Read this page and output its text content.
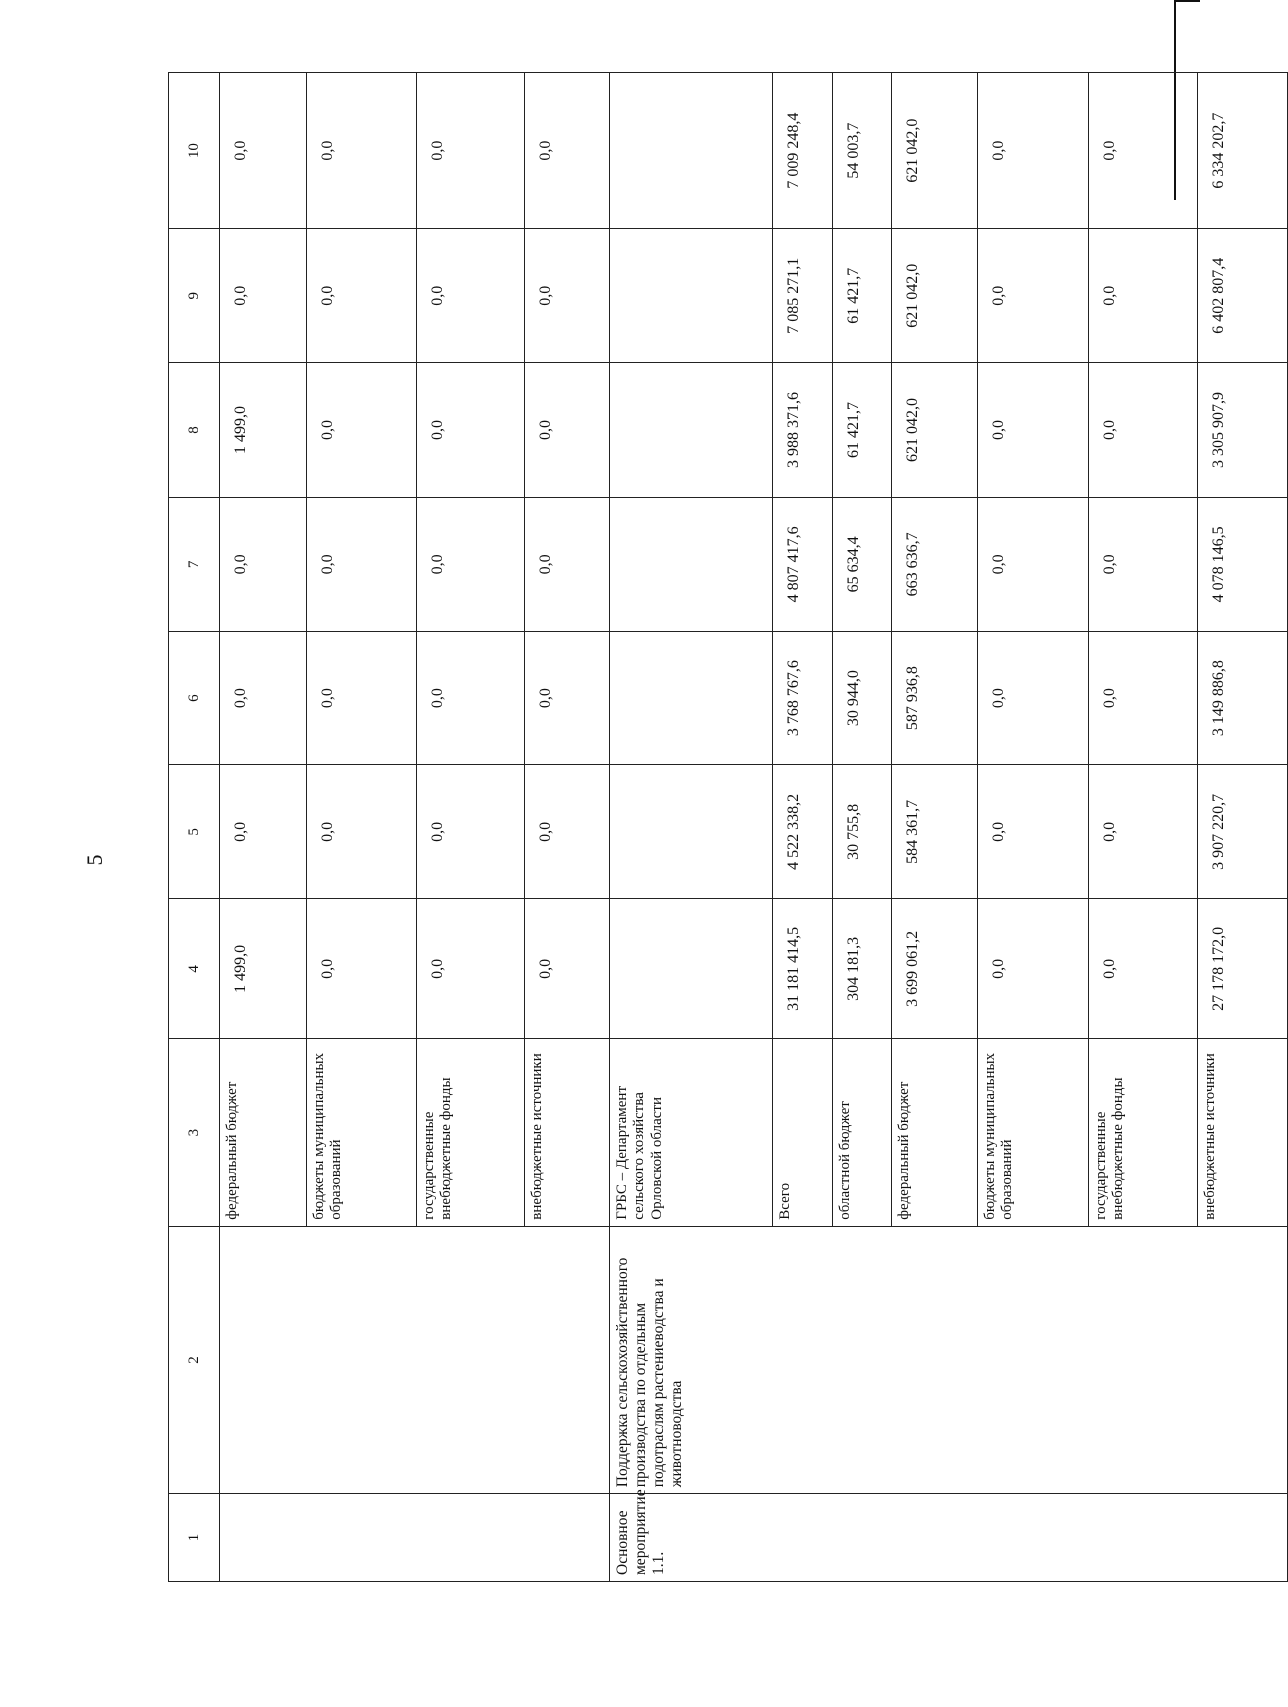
5
1	2	3	4	5	6	7	8	9	10
		федеральный бюджет	1 499,0	0,0	0,0	0,0	1 499,0	0,0	0,0
		бюджеты муниципальных образований	0,0	0,0	0,0	0,0	0,0	0,0	0,0
		государственные внебюджетные фонды	0,0	0,0	0,0	0,0	0,0	0,0	0,0
		внебюджетные источники	0,0	0,0	0,0	0,0	0,0	0,0	0,0
Основное мероприятие 1.1.	Поддержка сельскохозяйственного производства по отдельным подотраслям растениеводства и животноводства	ГРБС – Департамент сельского хозяйства Орловской области							
		Всего	31 181 414,5	4 522 338,2	3 768 767,6	4 807 417,6	3 988 371,6	7 085 271,1	7 009 248,4
		областной бюджет	304 181,3	30 755,8	30 944,0	65 634,4	61 421,7	61 421,7	54 003,7
		федеральный бюджет	3 699 061,2	584 361,7	587 936,8	663 636,7	621 042,0	621 042,0	621 042,0
		бюджеты муниципальных образований	0,0	0,0	0,0	0,0	0,0	0,0	0,0
		государственные внебюджетные фонды	0,0	0,0	0,0	0,0	0,0	0,0	0,0
		внебюджетные источники	27 178 172,0	3 907 220,7	3 149 886,8	4 078 146,5	3 305 907,9	6 402 807,4	6 334 202,7
